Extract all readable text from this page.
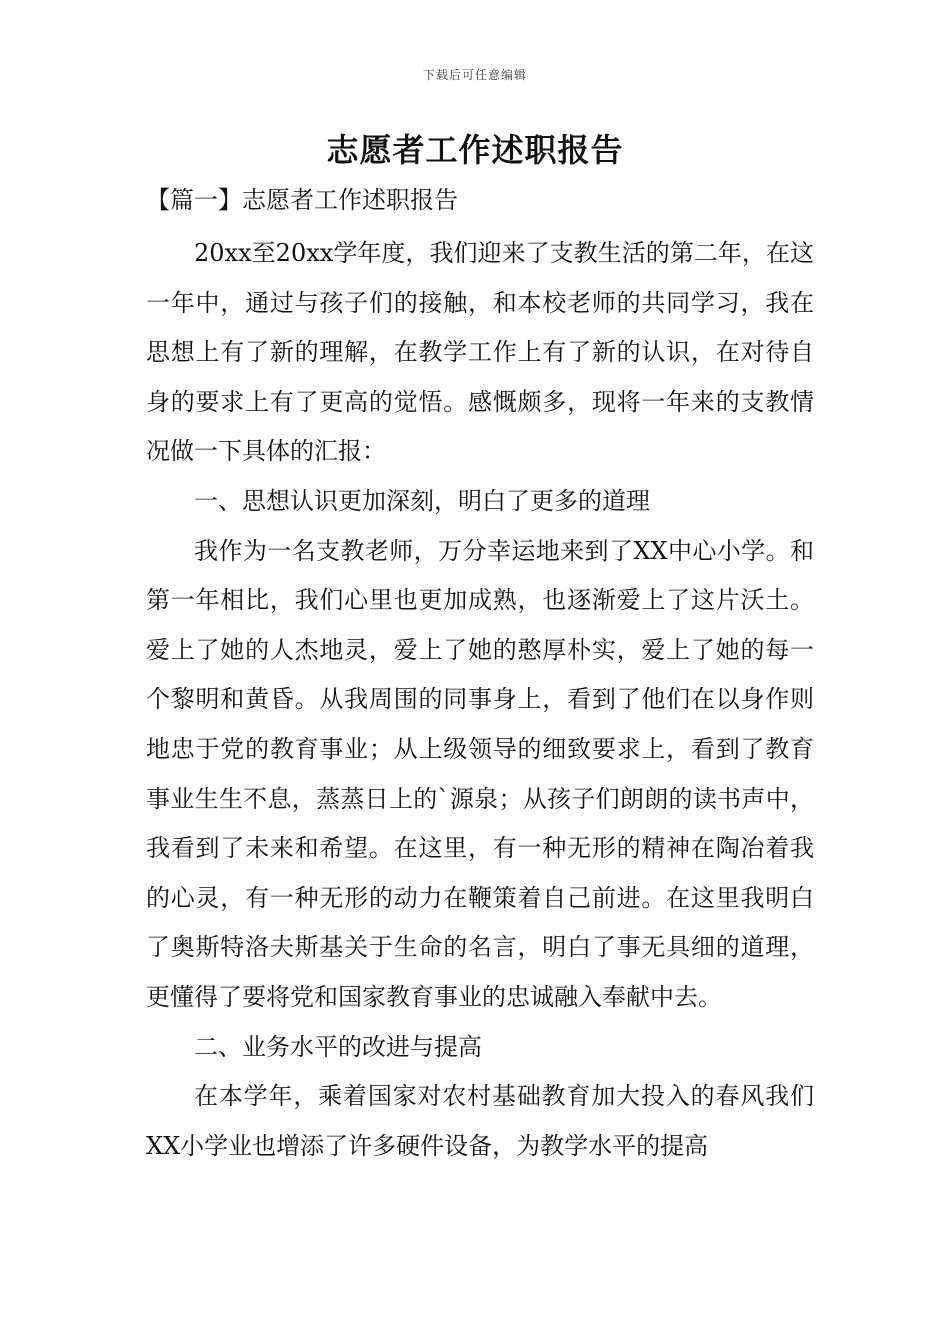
下载后可任意编辑
志愿者工作述职报告
【篇一】志愿者工作述职报告

20xx至20xx学年度，我们迎来了支教生活的第二年，在这一年中，通过与孩子们的接触，和本校老师的共同学习，我在思想上有了新的理解，在教学工作上有了新的认识，在对待自身的要求上有了更高的觉悟。感慨颇多，现将一年来的支教情况做一下具体的汇报：

一、思想认识更加深刻，明白了更多的道理

我作为一名支教老师，万分幸运地来到了XX中心小学。和第一年相比，我们心里也更加成熟，也逐渐爱上了这片沃土。爱上了她的人杰地灵，爱上了她的憨厚朴实，爱上了她的每一个黎明和黄昏。从我周围的同事身上，看到了他们在以身作则地忠于党的教育事业；从上级领导的细致要求上，看到了教育事业生生不息，蒸蒸日上的`源泉；从孩子们朗朗的读书声中，我看到了未来和希望。在这里，有一种无形的精神在陶冶着我的心灵，有一种无形的动力在鞭策着自己前进。在这里我明白了奥斯特洛夫斯基关于生命的名言，明白了事无具细的道理，更懂得了要将党和国家教育事业的忠诚融入奉献中去。

二、业务水平的改进与提高

在本学年，乘着国家对农村基础教育加大投入的春风我们XX小学业也增添了许多硬件设备，为教学水平的提高
